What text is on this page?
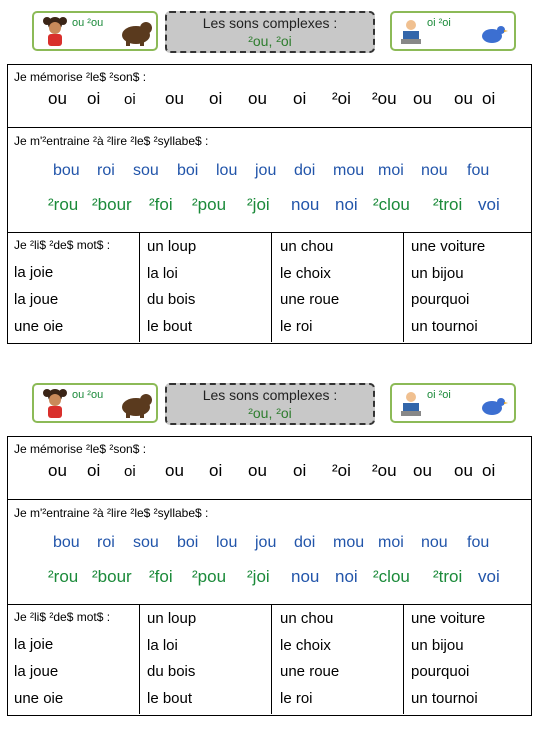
ou ²ou	Les sons complexes :
²ou, ²oi
oi ²oi
Je mémorise ²le$ ²son$ :
ou oi oi ou oi ou oi ²oi ²ou ou ou oi
Je m'²entraine ²à ²lire ²le$ ²syllabe$ :
bou roi sou boi lou jou doi mou moi nou fou
²rou ²bour ²foi ²pou ²joi nou noi ²clou ²troi voi
Je ²li$ ²de$ mot$ :
la joie
la joue
une oie
un loup
la loi
du bois
le bout
un chou
le choix
une roue
le roi
une voiture
un bijou
pourquoi
un tournoi
ou ²ou	Les sons complexes :
²ou, ²oi
oi ²oi
Je mémorise ²le$ ²son$ :
ou oi oi ou oi ou oi ²oi ²ou ou ou oi
Je m'²entraine ²à ²lire ²le$ ²syllabe$ :
bou roi sou boi lou jou doi mou moi nou fou
²rou ²bour ²foi ²pou ²joi nou noi ²clou ²troi voi
Je ²li$ ²de$ mot$ :
la joie
la joue
une oie
un loup
la loi
du bois
le bout
un chou
le choix
une roue
le roi
une voiture
un bijou
pourquoi
un tournoi
